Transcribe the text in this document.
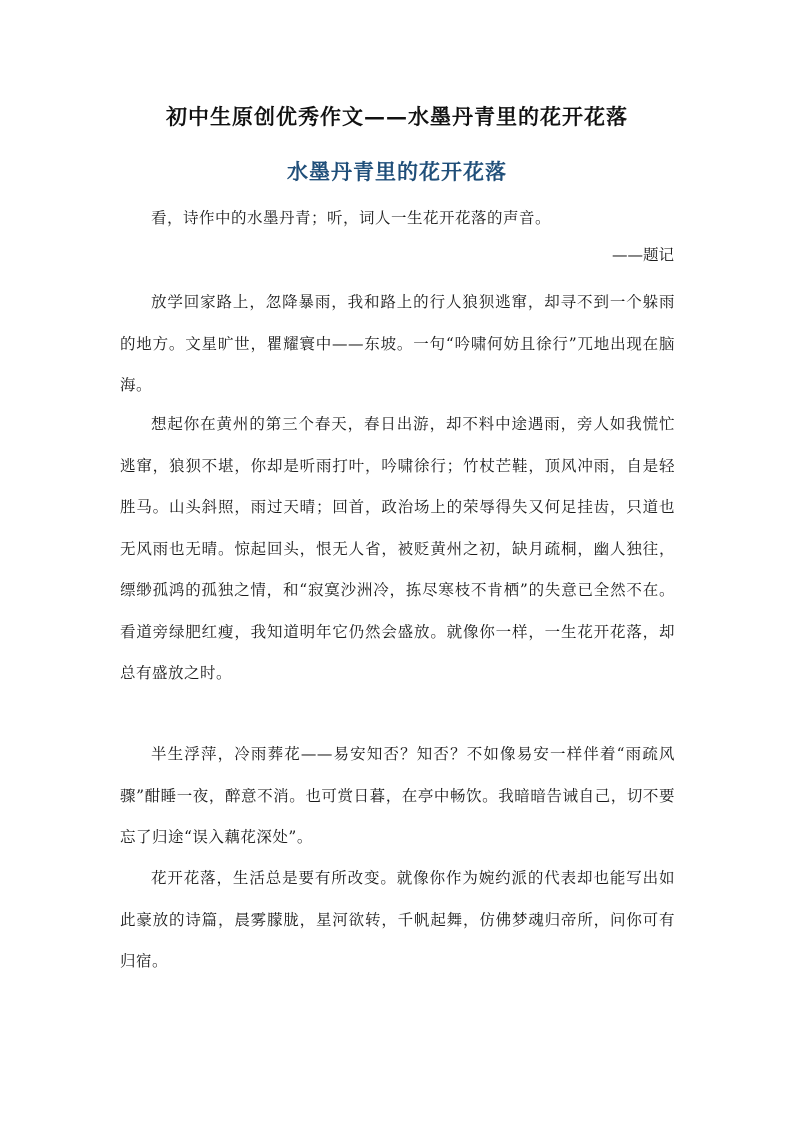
初中生原创优秀作文——水墨丹青里的花开花落
水墨丹青里的花开花落
看，诗作中的水墨丹青；听，词人一生花开花落的声音。
——题记
放学回家路上，忽降暴雨，我和路上的行人狼狈逃窜，却寻不到一个躲雨的地方。文星旷世，瞿耀寰中——东坡。一句“吟啸何妨且徐行”兀地出现在脑海。
想起你在黄州的第三个春天，春日出游，却不料中途遇雨，旁人如我慌忙逃窜，狼狈不堪，你却是听雨打叶，吟啸徐行；竹杖芒鞋，顶风冲雨，自是轻胜马。山头斜照，雨过天晴；回首，政治场上的荣辱得失又何足挂齿，只道也无风雨也无晴。惊起回头，恨无人省，被贬黄州之初，缺月疏桐，幽人独往，缥缈孤鸿的孤独之情，和“寂寞沙洲冷，拣尽寒枝不肯栖”的失意已全然不在。看道旁绿肥红瘦，我知道明年它仍然会盛放。就像你一样，一生花开花落，却总有盛放之时。
半生浮萍，冷雨葬花——易安知否？知否？不如像易安一样伴着“雨疏风骤”酣睡一夜，醉意不消。也可赏日暮，在亭中畅饮。我暗暗告诫自己，切不要忘了归途“误入藕花深处”。
花开花落，生活总是要有所改变。就像你作为婉约派的代表却也能写出如此豪放的诗篇，晨雾朦胧，星河欲转，千帆起舞，仿佛梦魂归帝所，问你可有归宿。
